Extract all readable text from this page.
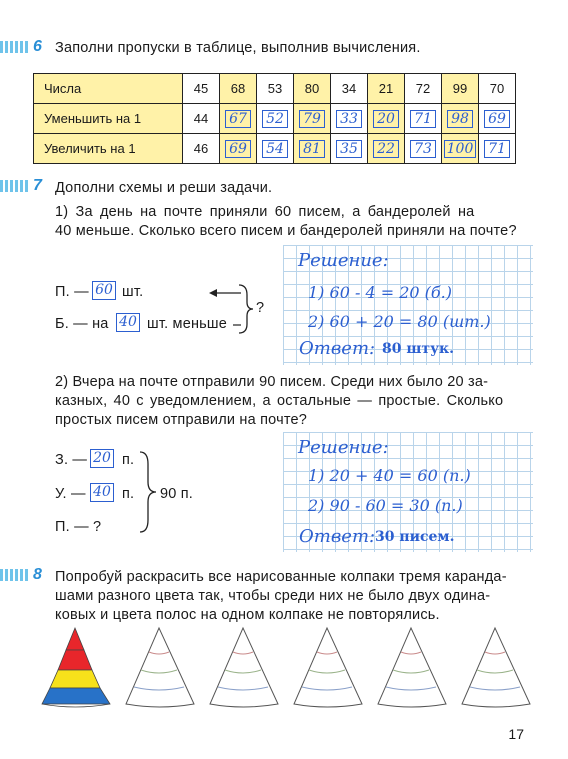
6 Заполни пропуски в таблице, выполнив вычисления.
Числа	45	68	53	80	34	21	72	99	70
Уменьшить на 1	44	67	52	79	33	20	71	98	69
Увеличить на 1	46	69	54	81	35	22	73	100	71
7 Дополни схемы и реши задачи.
1) За день на почте приняли 60 писем, а бандеролей на
40 меньше. Сколько всего писем и бандеролей приняли на почте?
П. — 60 шт.
Б. — на 40 шт. меньше
?
Решение:
1) 60 - 4 = 20 (б.)
2) 60 + 20 = 80 (шт.)
Ответ: 80 штук.
2) Вчера на почте отправили 90 писем. Среди них было 20 за-
казных, 40 с уведомлением, а остальные — простые. Сколько
простых писем отправили на почте?
З. — 20 п.
У. — 40 п.
П. — ?
90 п.
Решение:
1) 20 + 40 = 60 (п.)
2) 90 - 60 = 30 (п.)
Ответ: 30 писем.
8 Попробуй раскрасить все нарисованные колпаки тремя каранда-
шами разного цвета так, чтобы среди них не было двух одина-
ковых и цвета полос на одном колпаке не повторялись.
17
